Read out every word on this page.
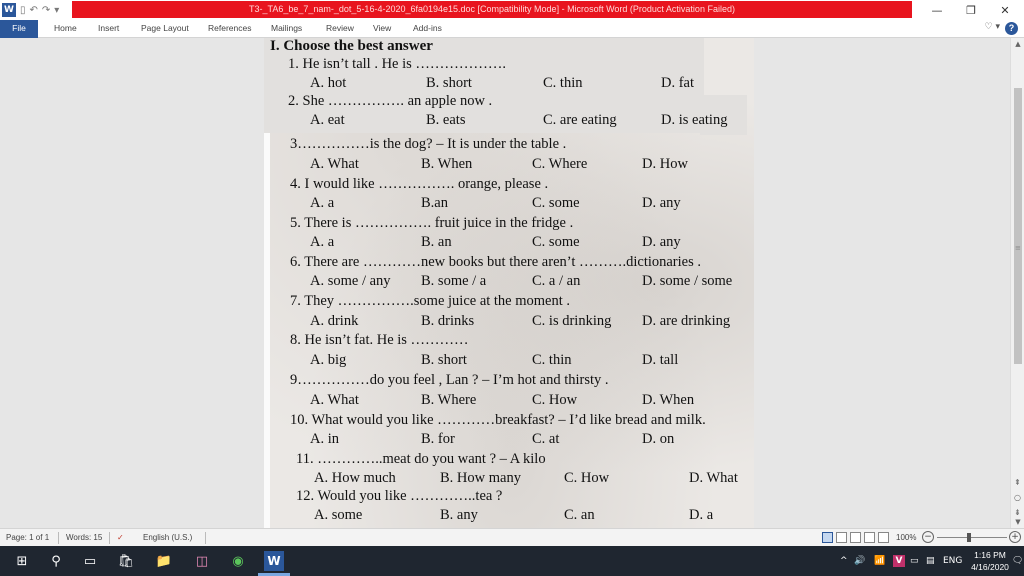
W ▯ ↶ ↷ ▾	T3-_TA6_be_7_nam-_dot_5-16-4-2020_6fa0194e15.doc [Compatibility Mode] - Microsoft Word (Product Activation Failed)	—	❐	✕
File	Home	Insert	Page Layout References Mailings	Review View	Add-ins	♡ ▾ ?
I. Choose the best answer
1. He isn’t tall . He is ……………….
A. hot	B. short	C. thin	D. fat
2. She ……………. an apple now .
A. eat	B. eats	C. are eating	D. is eating
3……………is the dog? – It is under the table .
A. What	B. When	C. Where	D. How
4. I would like ……………. orange, please .
A. a	B.an	C. some	D. any
5. There is ……………. fruit juice in the fridge .
A. a	B. an	C. some	D. any
6. There are …………new books but there aren’t ……….dictionaries .
A. some / any B. some / a	C. a / an	D. some / some
7. They …………….some juice at the moment .
A. drink	B. drinks	C. is drinking D. are drinking
8. He isn’t fat. He is …………
A. big	B. short	C. thin	D. tall
9……………do you feel , Lan ? – I’m hot and thirsty .
A. What	B. Where	C. How	D. When
10. What would you like …………breakfast? – I’d like bread and milk.
A. in	B. for	C. at	D. on
11. …………..meat do you want ? – A kilo
A. How much	B. How many	C. How	D. What
12. Would you like …………..tea ?
A. some	B. any	C. an	D. a
▲
≡
⇞
○
⇟
▼
Page: 1 of 1 Words: 15 ✓ English (U.S.)	100% −	+
⊞	⚲	▭ 🛍 📁 ◫	◉	W	^ 🔊 📶 V ▭ ▤ ENG
1:16 PM
4/16/2020
🗨
